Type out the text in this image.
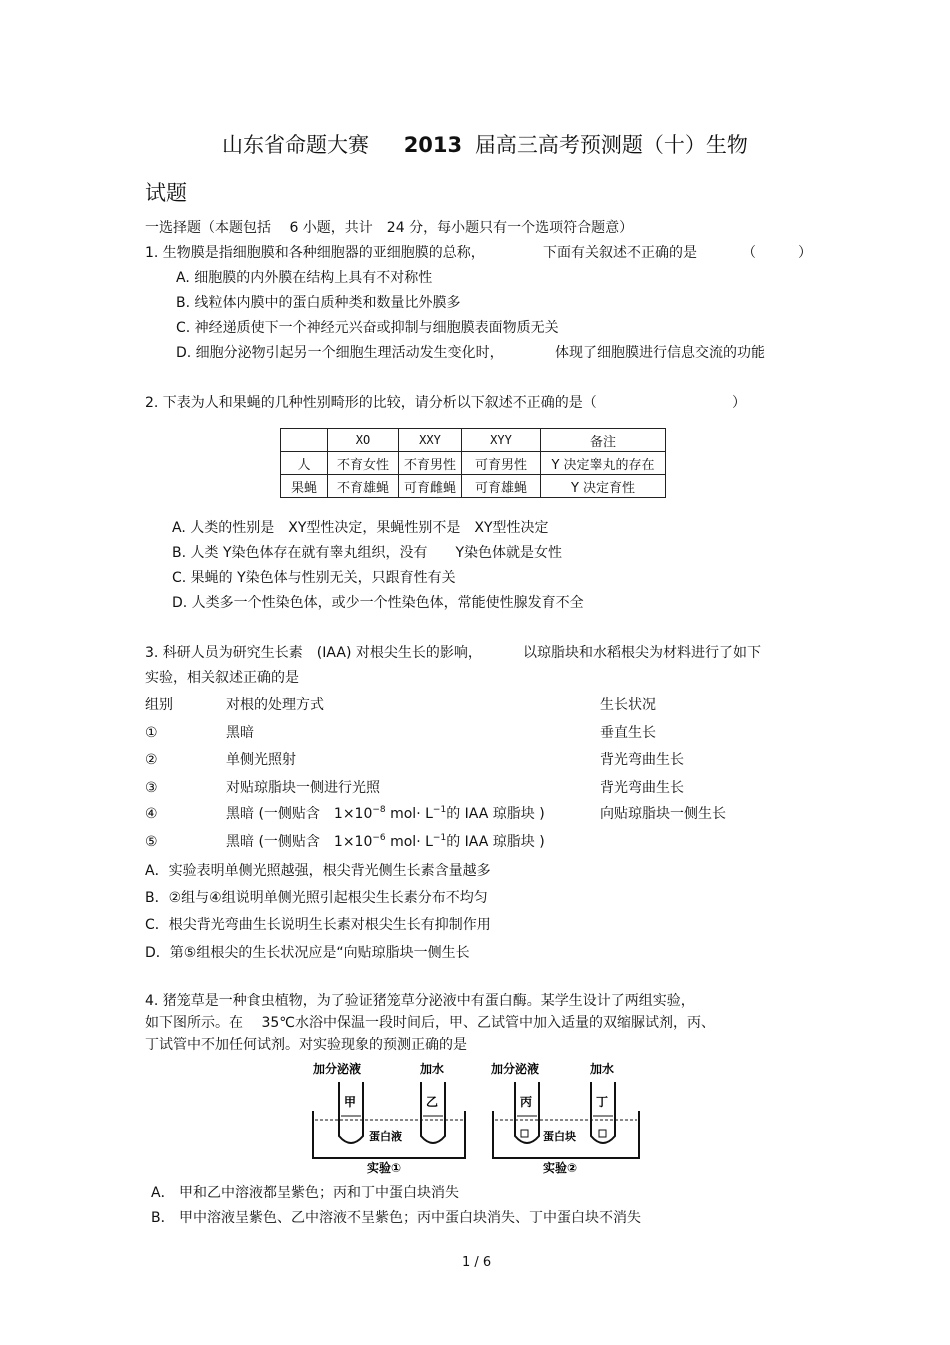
山东省命题大赛 2013 届高三高考预测题（十）生物
试题
一选择题（本题包括　 6 小题，共计　24 分，每小题只有一个选项符合题意）
1. 生物膜是指细胞膜和各种细胞器的亚细胞膜的总称，	下面有关叙述不正确的是	（　　　）
A. 细胞膜的内外膜在结构上具有不对称性
B. 线粒体内膜中的蛋白质种类和数量比外膜多
C. 神经递质使下一个神经元兴奋或抑制与细胞膜表面物质无关
D. 细胞分泌物引起另一个细胞生理活动发生变化时，	体现了细胞膜进行信息交流的功能
2. 下表为人和果蝇的几种性别畸形的比较，请分析以下叙述不正确的是（	）
	XO	XXY	XYY	备注
人	不育女性	不育男性	可育男性	Y 决定睾丸的存在
果蝇	不育雄蝇	可育雌蝇	可育雄蝇	Y 决定育性
A. 人类的性别是　XY型性决定，果蝇性别不是　XY型性决定
B. 人类 Y染色体存在就有睾丸组织，没有　　Y染色体就是女性
C. 果蝇的 Y染色体与性别无关，只跟育性有关
D. 人类多一个性染色体，或少一个性染色体，常能使性腺发育不全
3. 科研人员为研究生长素　(IAA) 对根尖生长的影响，	以琼脂块和水稻根尖为材料进行了如下
实验，相关叙述正确的是
组别	对根的处理方式	生长状况
①	黑暗	垂直生长
②	单侧光照射	背光弯曲生长
③	对贴琼脂块一侧进行光照	背光弯曲生长
④	黑暗 (一侧贴含　$1\times 10^{-8}$ $mol\cdot L^{-1}$的 IAA 琼脂块 )	向贴琼脂块一侧生长
⑤	黑暗 (一侧贴含　$1\times 10^{-6}$ $mol\cdot L^{-1}$的 IAA 琼脂块 )
A．实验表明单侧光照越强，根尖背光侧生长素含量越多
B．②组与④组说明单侧光照引起根尖生长素分布不均匀
C．根尖背光弯曲生长说明生长素对根尖生长有抑制作用
D．第⑤组根尖的生长状况应是“向贴琼脂块一侧生长
4. 猪笼草是一种食虫植物，为了验证猪笼草分泌液中有蛋白酶。某学生设计了两组实验，
如下图所示。在　 35℃水浴中保温一段时间后，甲、乙试管中加入适量的双缩脲试剂，丙、
丁试管中不加任何试剂。对实验现象的预测正确的是
加分泌液	加水
甲	乙
蛋白液
实验①
加分泌液	加水
丙	丁
蛋白块
实验②
A． 甲和乙中溶液都呈紫色；丙和丁中蛋白块消失
B． 甲中溶液呈紫色、乙中溶液不呈紫色；丙中蛋白块消失、丁中蛋白块不消失
1 / 6
